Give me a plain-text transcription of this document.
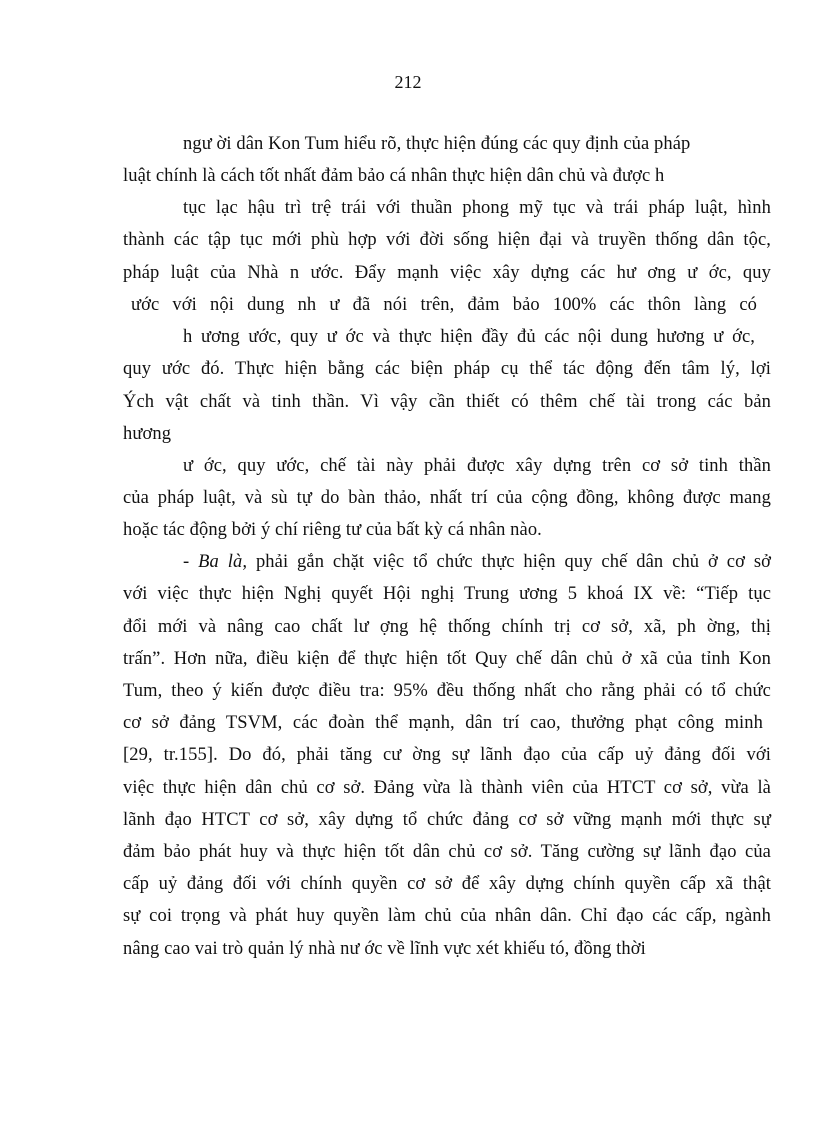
212
ngư ời dân Kon Tum hiểu rõ, thực hiện đúng các quy định của pháp
luật chính là cách tốt nhất đảm bảo cá nhân thực hiện dân chủ và được h
tục lạc hậu trì trệ trái với thuần phong mỹ tục và trái pháp luật, hình
thành các tập tục mới phù hợp với đời sống hiện đại và truyền thống dân tộc,
pháp luật của Nhà n ước. Đẩy mạnh việc xây dựng các hư ơng ư ớc, quy
ước với nội dung nh ư đã nói trên, đảm bảo 100% các thôn làng có
h ương ước, quy ư ớc và thực hiện đầy đủ các nội dung hương ư ớc,
quy ước đó. Thực hiện bằng các biện pháp cụ thể tác động đến tâm lý, lợi
Ých vật chất và tinh thần. Vì vậy cần thiết có thêm chế tài trong các bản
hương
ư ớc, quy ước, chế tài này phải được xây dựng trên cơ sở tinh thần
của pháp luật, và sù tự do bàn thảo, nhất trí của cộng đồng, không được mang
hoặc tác động bởi ý chí riêng tư của bất kỳ cá nhân nào.
- Ba là, phải gắn chặt việc tổ chức thực hiện quy chế dân chủ ở cơ sở
với việc thực hiện Nghị quyết Hội nghị Trung ương 5 khoá IX về: “Tiếp tục
đổi mới và nâng cao chất lư ợng hệ thống chính trị cơ sở, xã, ph ờng, thị
trấn”. Hơn nữa, điều kiện để thực hiện tốt Quy chế dân chủ ở xã của tỉnh Kon
Tum, theo ý kiến được điều tra: 95% đều thống nhất cho rằng phải có tổ chức
cơ sở đảng TSVM, các đoàn thể mạnh, dân trí cao, thưởng phạt công minh
[29, tr.155]. Do đó, phải tăng cư ờng sự lãnh đạo của cấp uỷ đảng đối với
việc thực hiện dân chủ cơ sở. Đảng vừa là thành viên của HTCT cơ sở, vừa là
lãnh đạo HTCT cơ sở, xây dựng tổ chức đảng cơ sở vững mạnh mới thực sự
đảm bảo phát huy và thực hiện tốt dân chủ cơ sở. Tăng cường sự lãnh đạo của
cấp uỷ đảng đối với chính quyền cơ sở để xây dựng chính quyền cấp xã thật
sự coi trọng và phát huy quyền làm chủ của nhân dân. Chỉ đạo các cấp, ngành
nâng cao vai trò quản lý nhà nư ớc về lĩnh vực xét khiếu tó, đồng thời
